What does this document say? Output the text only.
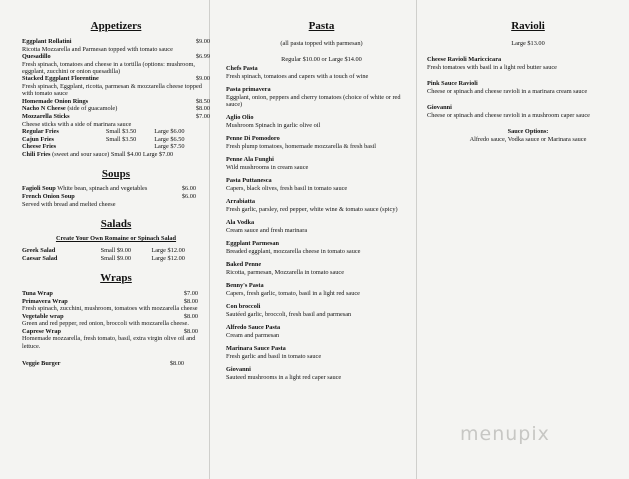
Appetizers
Eggplant Rollatini	$9.00
Ricotta Mozzarella and Parmesan topped with tomato sauce
Quesadillo	$6.99
Fresh spinach, tomatoes and cheese in a tortilla (options: mushroom, eggplant, zucchini or onion quesadilla)
Stacked Eggplant Florentine	$9.00
Fresh spinach, Eggplant, ricotta, parmesan & mozzarella cheese topped with tomato sauce
Homemade Onion Rings	$8.50
Nacho N Cheese (side of guacamole)	$8.00
Mozzarella Sticks	$7.00
Cheese sticks with a side of marinara sauce
Regular Fries	Small $3.50	Large $6.00
Cajun Fries	Small $3.50	Large $6.50
Cheese Fries	Large $7.50
Chili Fries (sweet and sour sauce) Small $4.00 Large $7.00
Soups
Fagioli Soup White bean, spinach and vegetables	$6.00
French Onion Soup	$6.00
Served with bread and melted cheese
Salads
Create Your Own Romaine or Spinach Salad
Greek Salad	Small $9.00	Large $12.00
Caesar Salad	Small $9.00	Large $12.00
Wraps
Tuna Wrap	$7.00
Primavera Wrap	$8.00
Fresh spinach, zucchini, mushroom, tomatoes with mozzarella cheese
Vegetable wrap	$8.00
Green and red pepper, red onion, broccoli with mozzarella cheese.
Caprese Wrap	$8.00
Homemade mozzarella, fresh tomato, basil, extra virgin olive oil and lettuce.
Veggie Burger	$8.00
Pasta
(all pasta topped with parmesan)
Regular $10.00 or Large $14.00
Chefs Pasta
Fresh spinach, tomatoes and capers with a touch of wine
Pasta primavera
Eggplant, onion, peppers and cherry tomatoes (choice of white or red sauce)
Aglio Olio
Mushroom Spinach in garlic olive oil
Penne Di Pomodoro
Fresh plump tomatoes, homemade mozzarella & fresh basil
Penne Ala Funghi
Wild mushrooms in cream sauce
Pasta Puttanesca
Capers, black olives, fresh basil in tomato sauce
Arrabiatta
Fresh garlic, parsley, red pepper, white wine & tomato sauce (spicy)
Ala Vodka
Cream sauce and fresh marinara
Eggplant Parmesan
Breaded eggplant, mozzarella cheese in tomato sauce
Baked Penne
Ricotta, parmesan, Mozzarella in tomato sauce
Benny's Pasta
Capers, fresh garlic, tomato, basil in a light red sauce
Con broccoli
Sautéed garlic, broccoli, fresh basil and parmesan
Alfredo Sauce Pasta
Cream and parmesan
Marinara Sauce Pasta
Fresh garlic and basil in tomato sauce
Giovanni
Sauteed mushrooms in a light red caper sauce
Ravioli
Large $13.00
Cheese Ravioli Mariccicara
Fresh tomatoes with basil in a light red butter sauce
Pink Sauce Ravioli
Cheese or spinach and cheese ravioli in a marinara cream sauce
Giovanni
Cheese or spinach and cheese ravioli in a mushroom caper sauce
Sauce Options:
Alfredo sauce, Vodka sauce or Marinara sauce
menupix
